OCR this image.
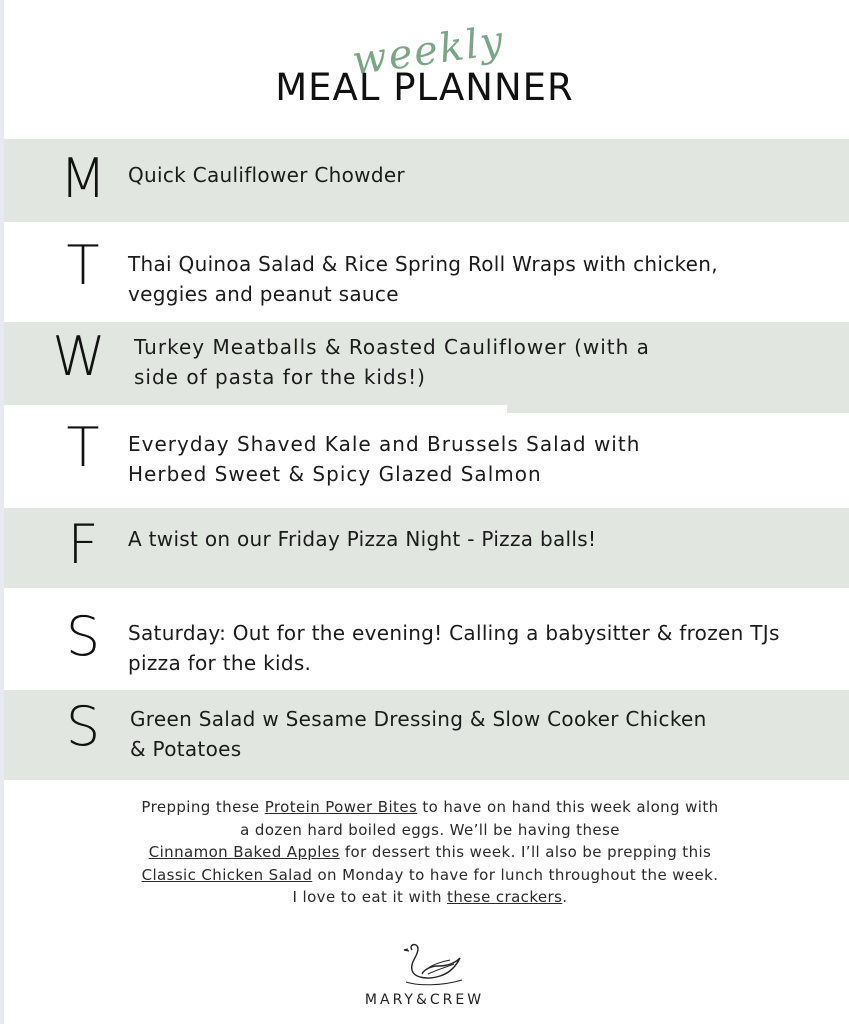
weekly
MEAL PLANNER
M	Quick Cauliflower Chowder
T	Thai Quinoa Salad & Rice Spring Roll Wraps with chicken,
veggies and peanut sauce
W	Turkey Meatballs & Roasted Cauliflower (with a
side of pasta for the kids!)
T	Everyday Shaved Kale and Brussels Salad with
Herbed Sweet & Spicy Glazed Salmon
F	A twist on our Friday Pizza Night - Pizza balls!
S	Saturday: Out for the evening! Calling a babysitter & frozen TJs
pizza for the kids.
S	Green Salad w Sesame Dressing & Slow Cooker Chicken
& Potatoes
Prepping these Protein Power Bites to have on hand this week along with
a dozen hard boiled eggs. We’ll be having these
Cinnamon Baked Apples for dessert this week. I’ll also be prepping this
Classic Chicken Salad on Monday to have for lunch throughout the week.
I love to eat it with these crackers.
MARY&CREW
